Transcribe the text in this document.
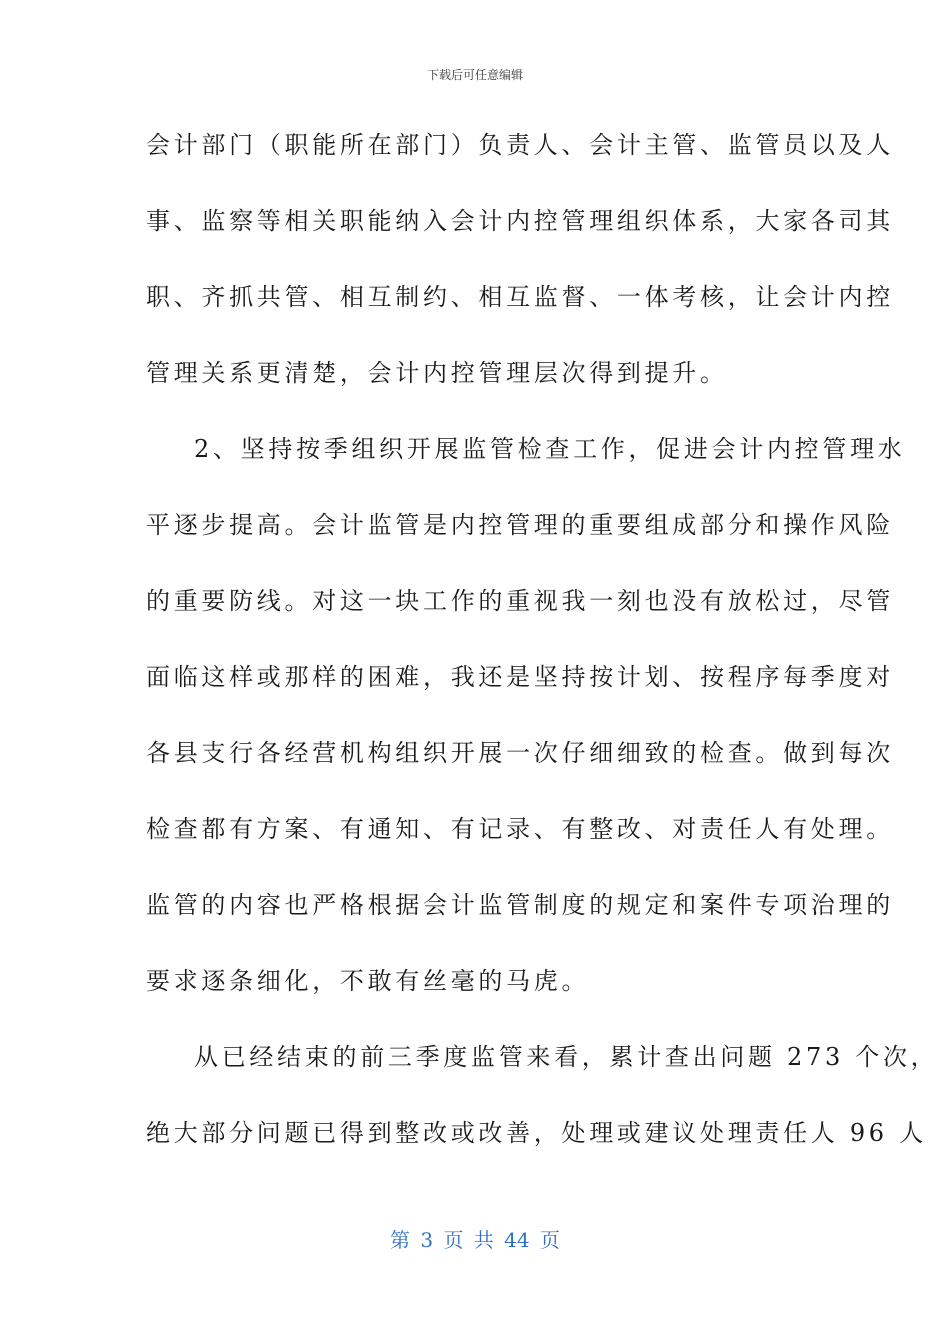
下载后可任意编辑
会计部门（职能所在部门）负责人、会计主管、监管员以及人
事、监察等相关职能纳入会计内控管理组织体系，大家各司其
职、齐抓共管、相互制约、相互监督、一体考核，让会计内控
管理关系更清楚，会计内控管理层次得到提升。
2、坚持按季组织开展监管检查工作，促进会计内控管理水
平逐步提高。会计监管是内控管理的重要组成部分和操作风险
的重要防线。对这一块工作的重视我一刻也没有放松过，尽管
面临这样或那样的困难，我还是坚持按计划、按程序每季度对
各县支行各经营机构组织开展一次仔细细致的检查。做到每次
检查都有方案、有通知、有记录、有整改、对责任人有处理。
监管的内容也严格根据会计监管制度的规定和案件专项治理的
要求逐条细化，不敢有丝毫的马虎。
从已经结束的前三季度监管来看，累计查出问题 273 个次，
绝大部分问题已得到整改或改善，处理或建议处理责任人 96 人
第 3 页 共 44 页
